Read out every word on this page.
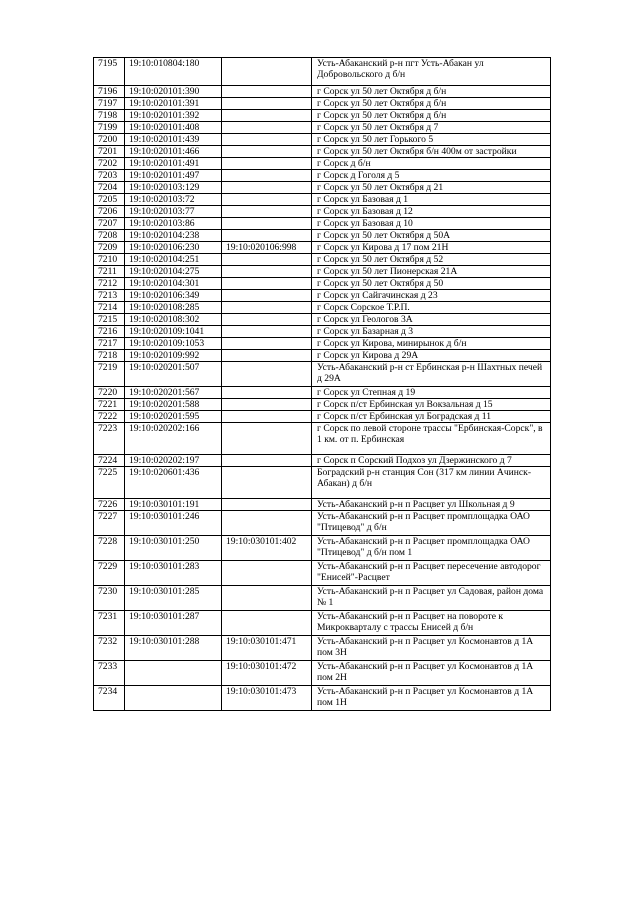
7195	19:10:010804:180		Усть-Абаканский р-н пгт Усть-Абакан ул Добровольского д б/н
7196	19:10:020101:390		г Сорск ул 50 лет Октября д б/н
7197	19:10:020101:391		г Сорск ул 50 лет Октября д б/н
7198	19:10:020101:392		г Сорск ул 50 лет Октября д б/н
7199	19:10:020101:408		г Сорск ул 50 лет Октября д 7
7200	19:10:020101:439		г Сорск ул 50 лет Горького 5
7201	19:10:020101:466		г Сорск ул 50 лет Октября б/н 400м от застройки
7202	19:10:020101:491		г Сорск д б/н
7203	19:10:020101:497		г Сорск д Гоголя д 5
7204	19:10:020103:129		г Сорск ул 50 лет Октября д 21
7205	19:10:020103:72		г Сорск ул Базовая д 1
7206	19:10:020103:77		г Сорск ул Базовая д 12
7207	19:10:020103:86		г Сорск ул Базовая д 10
7208	19:10:020104:238		г Сорск ул 50 лет Октября д 50А
7209	19:10:020106:230	19:10:020106:998	г Сорск ул Кирова д 17 пом 21Н
7210	19:10:020104:251		г Сорск ул 50 лет Октября д 52
7211	19:10:020104:275		г Сорск ул 50 лет Пионерская 21А
7212	19:10:020104:301		г Сорск ул 50 лет Октября д 50
7213	19:10:020106:349		г Сорск ул Сайгачинская д 23
7214	19:10:020108:285		г Сорск Сорское Т.Р.П.
7215	19:10:020108:302		г Сорск ул Геологов 3А
7216	19:10:020109:1041		г Сорск ул Базарная д 3
7217	19:10:020109:1053		г Сорск ул Кирова, минирынок д б/н
7218	19:10:020109:992		г Сорск ул Кирова д 29А
7219	19:10:020201:507		Усть-Абаканский р-н ст Ербинская р-н Шахтных печей д 29А
7220	19:10:020201:567		г Сорск ул Степная д 19
7221	19:10:020201:588		г Сорск п/ст Ербинская ул Вокзальная д 15
7222	19:10:020201:595		г Сорск п/ст Ербинская ул Боградская д 11
7223	19:10:020202:166		г Сорск по левой стороне трассы "Ербинская-Сорск", в 1 км. от п. Ербинская
7224	19:10:020202:197		г Сорск п Сорский Подхоз ул Дзержинского д 7
7225	19:10:020601:436		Боградский р-н станция Сон (317 км линии Ачинск- Абакан) д б/н
7226	19:10:030101:191		Усть-Абаканский р-н п Расцвет ул Школьная д 9
7227	19:10:030101:246		Усть-Абаканский р-н п Расцвет промплощадка ОАО "Птицевод" д б/н
7228	19:10:030101:250	19:10:030101:402	Усть-Абаканский р-н п Расцвет промплощадка ОАО "Птицевод" д б/н пом 1
7229	19:10:030101:283		Усть-Абаканский р-н п Расцвет пересечение автодорог "Енисей"-Расцвет
7230	19:10:030101:285		Усть-Абаканский р-н п Расцвет ул Садовая, район дома № 1
7231	19:10:030101:287		Усть-Абаканский р-н п Расцвет на повороте к Микрокварталу с трассы Енисей д б/н
7232	19:10:030101:288	19:10:030101:471	Усть-Абаканский р-н п Расцвет ул Космонавтов д 1А пом 3Н
7233		19:10:030101:472	Усть-Абаканский р-н п Расцвет ул Космонавтов д 1А пом 2Н
7234		19:10:030101:473	Усть-Абаканский р-н п Расцвет ул Космонавтов д 1А пом 1Н
